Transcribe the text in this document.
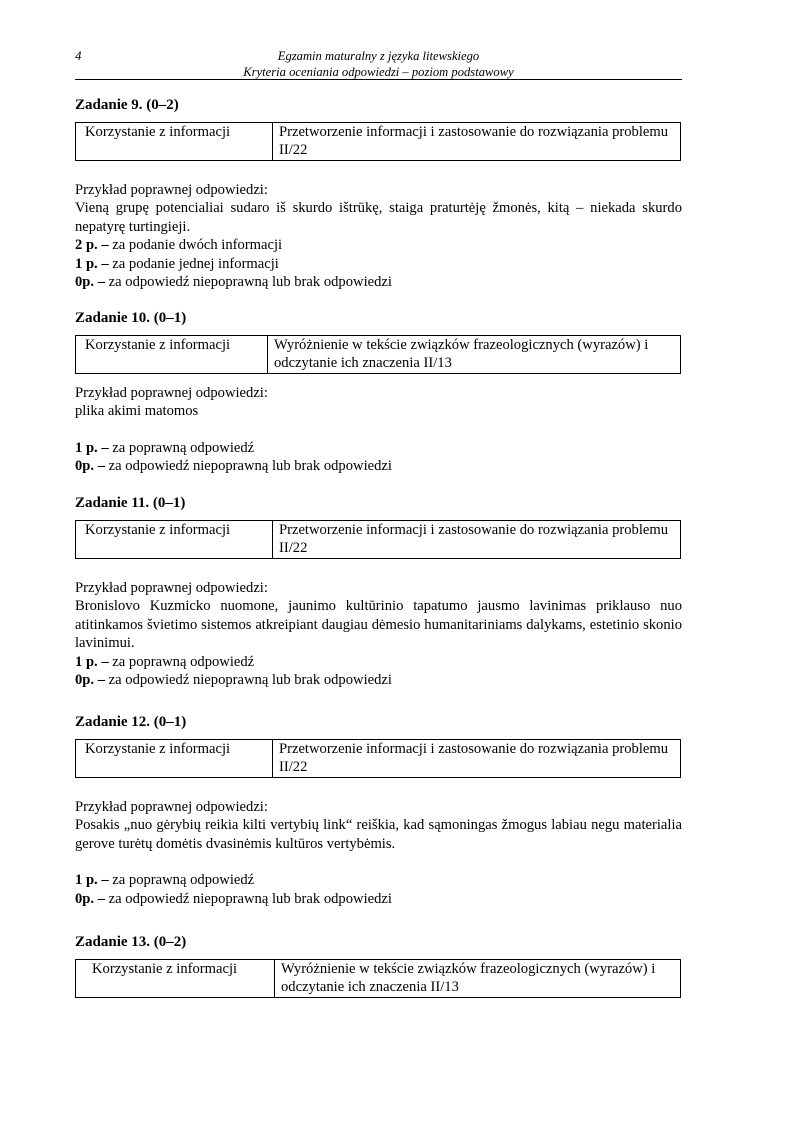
4	Egzamin maturalny z języka litewskiego
Kryteria oceniania odpowiedzi – poziom podstawowy

Zadanie 9. (0–2)

Korzystanie z informacji	Przetworzenie informacji i zastosowanie do rozwiązania problemu II/22

Przykład poprawnej odpowiedzi:

Vieną grupę potencialiai sudaro iš skurdo ištrūkę, staiga praturtėję žmonės, kitą – niekada skurdo nepatyrę turtingieji.

2 p. – za podanie dwóch informacji

1 p. – za podanie jednej informacji

0p. – za odpowiedź niepoprawną lub brak odpowiedzi

Zadanie 10. (0–1)

Korzystanie z informacji	Wyróżnienie w tekście związków frazeologicznych (wyrazów) i odczytanie ich znaczenia II/13

Przykład poprawnej odpowiedzi:

plika akimi matomos

1 p. – za poprawną odpowiedź

0p. – za odpowiedź niepoprawną lub brak odpowiedzi

Zadanie 11. (0–1)

Korzystanie z informacji	Przetworzenie informacji i zastosowanie do rozwiązania problemu II/22

Przykład poprawnej odpowiedzi:

Bronislovo Kuzmicko nuomone, jaunimo kultūrinio tapatumo jausmo lavinimas priklauso nuo atitinkamos švietimo sistemos atkreipiant daugiau dėmesio humanitariniams dalykams, estetinio skonio lavinimui.

1 p. – za poprawną odpowiedź

0p. – za odpowiedź niepoprawną lub brak odpowiedzi

Zadanie 12. (0–1)

Korzystanie z informacji	Przetworzenie informacji i zastosowanie do rozwiązania problemu II/22

Przykład poprawnej odpowiedzi:

Posakis „nuo gėrybių reikia kilti vertybių link“ reiškia, kad sąmoningas žmogus labiau negu materialia gerove turėtų domėtis dvasinėmis kultūros vertybėmis.

1 p. – za poprawną odpowiedź

0p. – za odpowiedź niepoprawną lub brak odpowiedzi

Zadanie 13. (0–2)

Korzystanie z informacji	Wyróżnienie w tekście związków frazeologicznych (wyrazów) i odczytanie ich znaczenia II/13
